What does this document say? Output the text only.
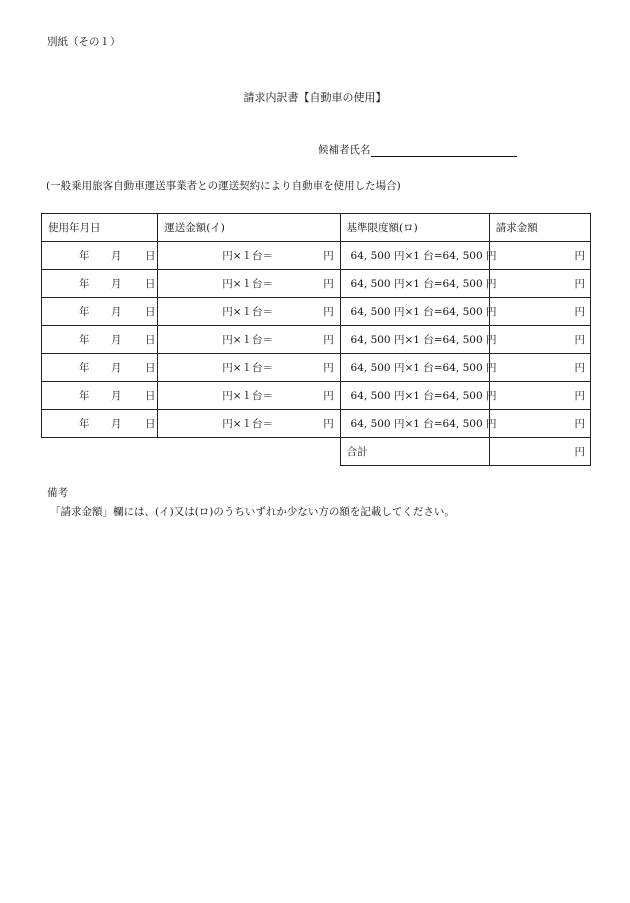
別紙（その１）
請求内訳書【自動車の使用】
候補者氏名
(一般乗用旅客自動車運送事業者との運送契約により自動車を使用した場合)
使用年月日	運送金額(イ)	基準限度額(ロ)	請求金額

年 月 日	円×１台＝ 円	64, 500 円×1 台=64, 500 円	円

年 月 日	円×１台＝ 円	64, 500 円×1 台=64, 500 円	円

年 月 日	円×１台＝ 円	64, 500 円×1 台=64, 500 円	円

年 月 日	円×１台＝ 円	64, 500 円×1 台=64, 500 円	円

年 月 日	円×１台＝ 円	64, 500 円×1 台=64, 500 円	円

年 月 日	円×１台＝ 円	64, 500 円×1 台=64, 500 円	円

年 月 日	円×１台＝ 円	64, 500 円×1 台=64, 500 円	円
		合計	円
備考
「請求金額」欄には、(イ)又は(ロ)のうちいずれか少ない方の額を記載してください。
